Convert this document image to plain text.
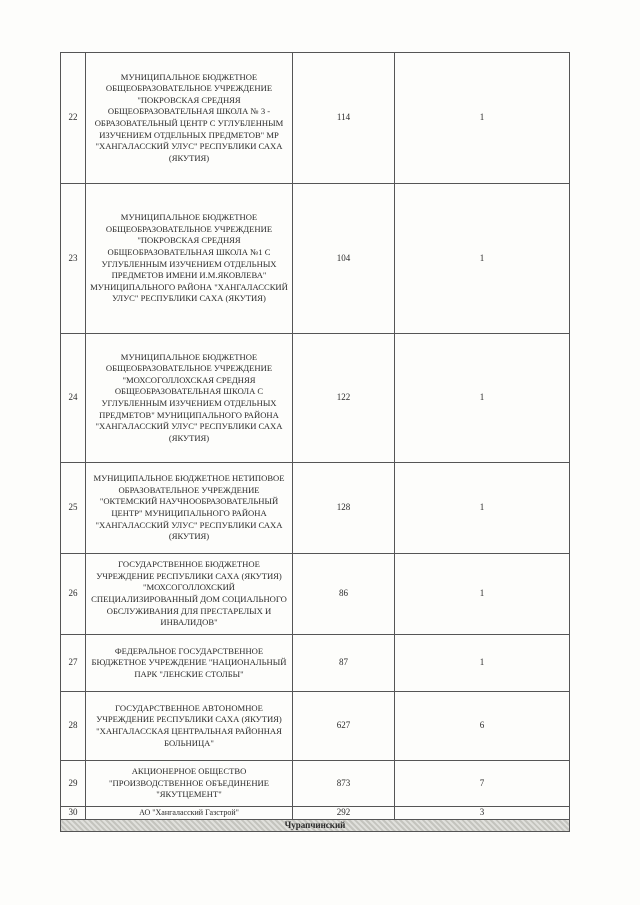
22	МУНИЦИПАЛЬНОЕ БЮДЖЕТНОЕ ОБЩЕОБРАЗОВАТЕЛЬНОЕ УЧРЕЖДЕНИЕ "ПОКРОВСКАЯ СРЕДНЯЯ ОБЩЕОБРАЗОВАТЕЛЬНАЯ ШКОЛА № 3 - ОБРАЗОВАТЕЛЬНЫЙ ЦЕНТР С УГЛУБЛЕННЫМ ИЗУЧЕНИЕМ ОТДЕЛЬНЫХ ПРЕДМЕТОВ" МР "ХАНГАЛАССКИЙ УЛУС" РЕСПУБЛИКИ САХА (ЯКУТИЯ)	114	1
23	МУНИЦИПАЛЬНОЕ БЮДЖЕТНОЕ ОБЩЕОБРАЗОВАТЕЛЬНОЕ УЧРЕЖДЕНИЕ "ПОКРОВСКАЯ СРЕДНЯЯ ОБЩЕОБРАЗОВАТЕЛЬНАЯ ШКОЛА №1 С УГЛУБЛЕННЫМ ИЗУЧЕНИЕМ ОТДЕЛЬНЫХ ПРЕДМЕТОВ ИМЕНИ И.М.ЯКОВЛЕВА" МУНИЦИПАЛЬНОГО РАЙОНА "ХАНГАЛАССКИЙ УЛУС" РЕСПУБЛИКИ САХА (ЯКУТИЯ)	104	1
24	МУНИЦИПАЛЬНОЕ БЮДЖЕТНОЕ ОБЩЕОБРАЗОВАТЕЛЬНОЕ УЧРЕЖДЕНИЕ "МОХСОГОЛЛОХСКАЯ СРЕДНЯЯ ОБЩЕОБРАЗОВАТЕЛЬНАЯ ШКОЛА С УГЛУБЛЕННЫМ ИЗУЧЕНИЕМ ОТДЕЛЬНЫХ ПРЕДМЕТОВ" МУНИЦИПАЛЬНОГО РАЙОНА "ХАНГАЛАССКИЙ УЛУС" РЕСПУБЛИКИ САХА (ЯКУТИЯ)	122	1
25	МУНИЦИПАЛЬНОЕ БЮДЖЕТНОЕ НЕТИПОВОЕ ОБРАЗОВАТЕЛЬНОЕ УЧРЕЖДЕНИЕ "ОКТЕМСКИЙ НАУЧНООБРАЗОВАТЕЛЬНЫЙ ЦЕНТР" МУНИЦИПАЛЬНОГО РАЙОНА "ХАНГАЛАССКИЙ УЛУС" РЕСПУБЛИКИ САХА (ЯКУТИЯ)	128	1
26	ГОСУДАРСТВЕННОЕ БЮДЖЕТНОЕ УЧРЕЖДЕНИЕ РЕСПУБЛИКИ САХА (ЯКУТИЯ) "МОХСОГОЛЛОХСКИЙ СПЕЦИАЛИЗИРОВАННЫЙ ДОМ СОЦИАЛЬНОГО ОБСЛУЖИВАНИЯ ДЛЯ ПРЕСТАРЕЛЫХ И ИНВАЛИДОВ"	86	1
27	ФЕДЕРАЛЬНОЕ ГОСУДАРСТВЕННОЕ БЮДЖЕТНОЕ УЧРЕЖДЕНИЕ "НАЦИОНАЛЬНЫЙ ПАРК "ЛЕНСКИЕ СТОЛБЫ"	87	1
28	ГОСУДАРСТВЕННОЕ АВТОНОМНОЕ УЧРЕЖДЕНИЕ РЕСПУБЛИКИ САХА (ЯКУТИЯ) "ХАНГАЛАССКАЯ ЦЕНТРАЛЬНАЯ РАЙОННАЯ БОЛЬНИЦА"	627	6
29	АКЦИОНЕРНОЕ ОБЩЕСТВО "ПРОИЗВОДСТВЕННОЕ ОБЪЕДИНЕНИЕ "ЯКУТЦЕМЕНТ"	873	7
30	АО "Хангаласский Газстрой"	292	3
Чурапчинский			
